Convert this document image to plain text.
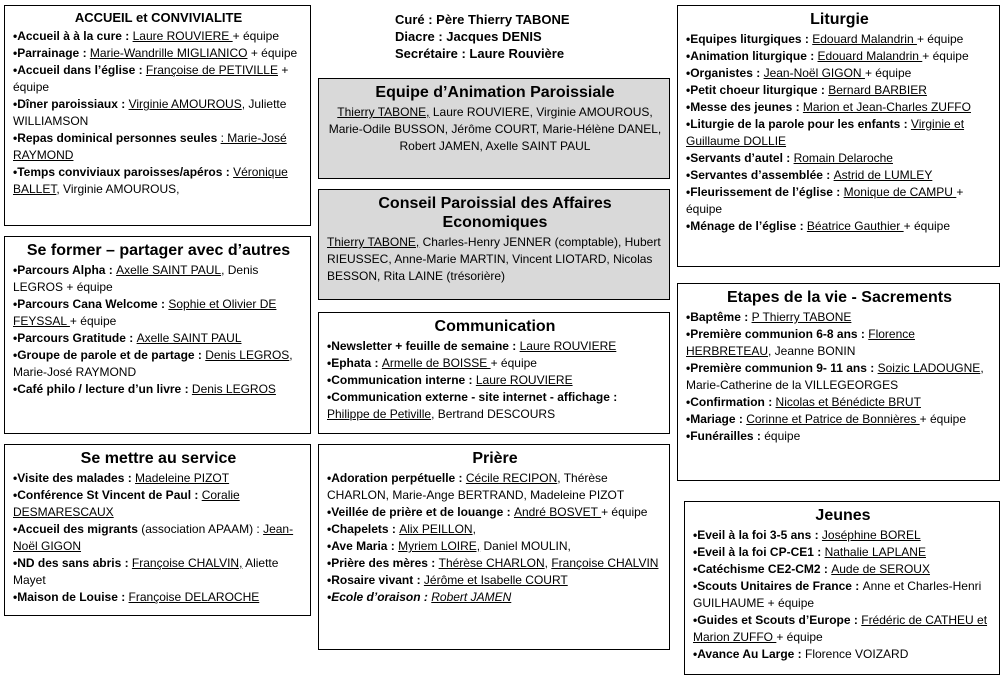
Curé : Père Thierry TABONE
Diacre : Jacques DENIS
Secrétaire : Laure Rouvière
ACCUEIL et CONVIVIALITE
•Accueil à à la cure : Laure ROUVIERE + équipe
•Parrainage : Marie-Wandrille MIGLIANICO + équipe
•Accueil dans l’église : Françoise de PETIVILLE + équipe
•Dîner paroissiaux : Virginie AMOUROUS, Juliette WILLIAMSON
•Repas dominical personnes seules : Marie-José RAYMOND
•Temps conviviaux paroisses/apéros : Véronique BALLET, Virginie AMOUROUS,
Se former – partager avec d’autres
•Parcours Alpha : Axelle SAINT PAUL, Denis LEGROS + équipe
•Parcours Cana Welcome : Sophie et Olivier DE FEYSSAL + équipe
•Parcours Gratitude : Axelle SAINT PAUL
•Groupe de parole et de partage : Denis LEGROS, Marie-José RAYMOND
•Café philo / lecture d’un livre : Denis LEGROS
Se mettre au service
•Visite des malades : Madeleine PIZOT
•Conférence St Vincent de Paul : Coralie DESMARESCAUX
•Accueil des migrants (association APAAM) : Jean-Noël GIGON
•ND des sans abris : Françoise CHALVIN, Aliette Mayet
•Maison de Louise : Françoise DELAROCHE
Equipe d’Animation Paroissiale
Thierry TABONE, Laure ROUVIERE, Virginie AMOUROUS, Marie-Odile BUSSON, Jérôme COURT, Marie-Hélène DANEL, Robert JAMEN, Axelle SAINT PAUL
Conseil Paroissial des Affaires Economiques
Thierry TABONE, Charles-Henry JENNER (comptable), Hubert RIEUSSEC, Anne-Marie MARTIN, Vincent LIOTARD, Nicolas BESSON, Rita LAINE (trésorière)
Communication
•Newsletter + feuille de semaine : Laure ROUVIERE
•Ephata : Armelle de BOISSE + équipe
•Communication interne : Laure ROUVIERE
•Communication externe - site internet - affichage : Philippe de Petiville, Bertrand DESCOURS
Prière
•Adoration perpétuelle : Cécile RECIPON, Thérèse CHARLON, Marie-Ange BERTRAND, Madeleine PIZOT
•Veillée de prière et de louange : André BOSVET + équipe
•Chapelets : Alix PEILLON,
•Ave Maria : Myriem LOIRE, Daniel MOULIN,
•Prière des mères : Thérèse CHARLON, Françoise CHALVIN
•Rosaire vivant : Jérôme et Isabelle COURT
•Ecole d’oraison : Robert JAMEN
Liturgie
•Equipes liturgiques : Edouard Malandrin + équipe
•Animation liturgique : Edouard Malandrin + équipe
•Organistes : Jean-Noël GIGON + équipe
•Petit choeur liturgique : Bernard BARBIER
•Messe des jeunes : Marion et Jean-Charles ZUFFO
•Liturgie de la parole pour les enfants : Virginie et Guillaume DOLLIE
•Servants d’autel : Romain Delaroche
•Servantes d’assemblée : Astrid de LUMLEY
•Fleurissement de l’église : Monique de CAMPU + équipe
•Ménage de l’église : Béatrice Gauthier + équipe
Etapes de la vie - Sacrements
•Baptême : P Thierry TABONE
•Première communion 6-8 ans : Florence HERBRETEAU, Jeanne BONIN
•Première communion 9- 11 ans : Soizic LADOUGNE, Marie-Catherine de la VILLEGEORGES
•Confirmation : Nicolas et Bénédicte BRUT
•Mariage : Corinne et Patrice de Bonnières + équipe
•Funérailles : équipe
Jeunes
•Eveil à la foi 3-5 ans : Joséphine BOREL
•Eveil à la foi CP-CE1 : Nathalie LAPLANE
•Catéchisme CE2-CM2 : Aude de SEROUX
•Scouts Unitaires de France : Anne et Charles-Henri GUILHAUME + équipe
•Guides et Scouts d’Europe : Frédéric de CATHEU et Marion ZUFFO + équipe
•Avance Au Large : Florence VOIZARD
